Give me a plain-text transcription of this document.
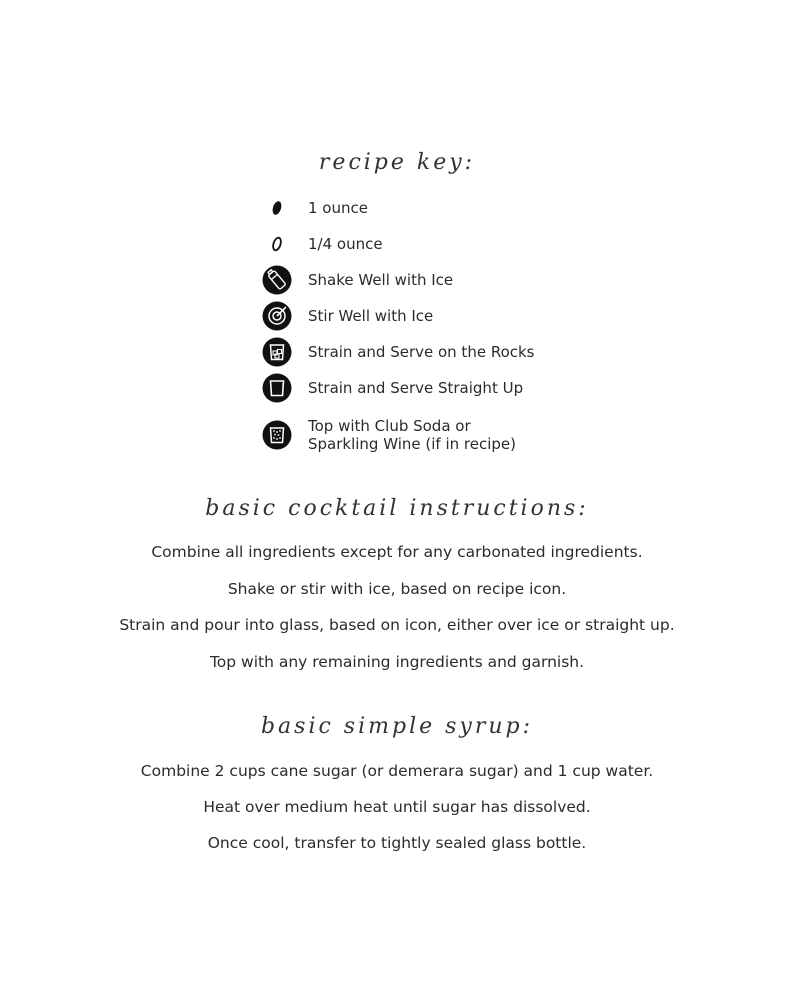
recipe key:
1 ounce
1/4 ounce
Shake Well with Ice
Stir Well with Ice
Strain and Serve on the Rocks
Strain and Serve Straight Up
Top with Club Soda or
Sparkling Wine (if in recipe)
basic cocktail instructions:

Combine all ingredients except for any carbonated ingredients.

Shake or stir with ice, based on recipe icon.

Strain and pour into glass, based on icon, either over ice or straight up.

Top with any remaining ingredients and garnish.

basic simple syrup:

Combine 2 cups cane sugar (or demerara sugar) and 1 cup water.

Heat over medium heat until sugar has dissolved.

Once cool, transfer to tightly sealed glass bottle.
